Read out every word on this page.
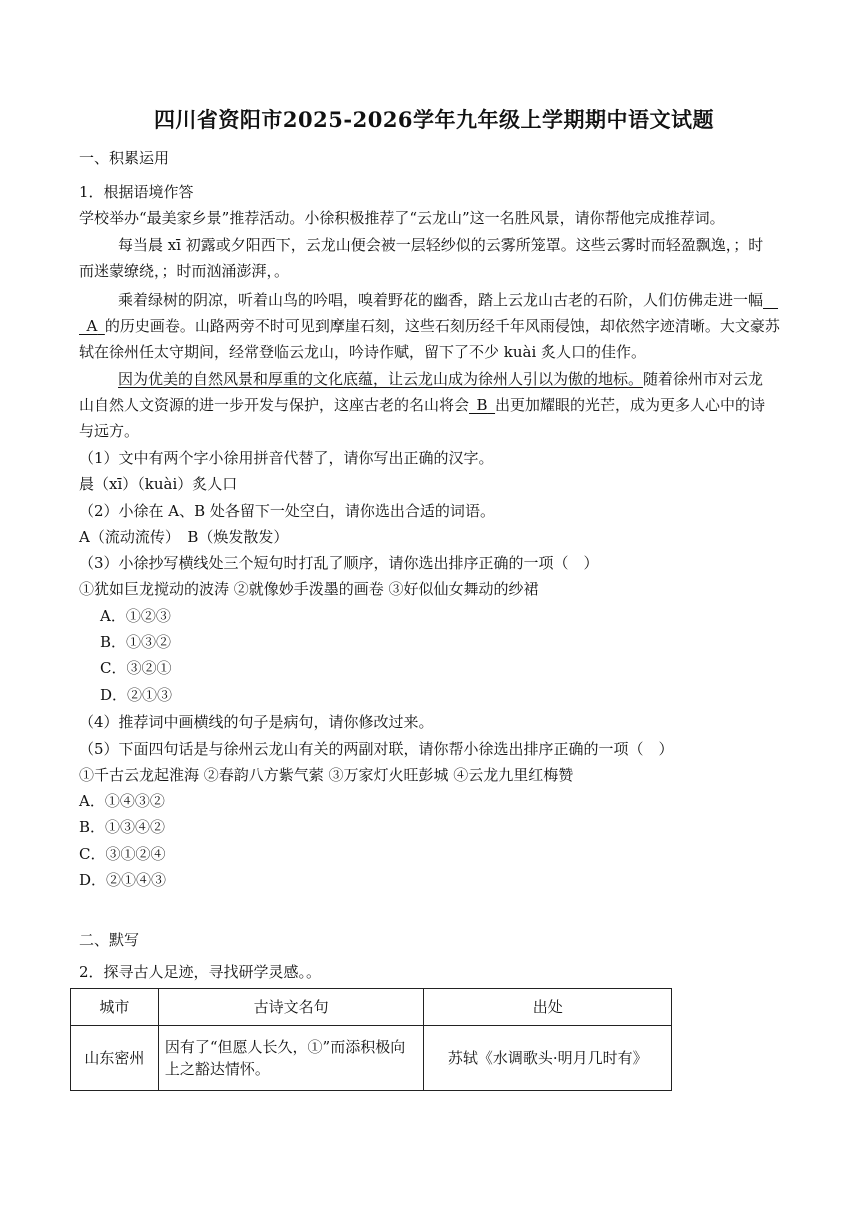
四川省资阳市2025-2026学年九年级上学期期中语文试题
一、积累运用
1．根据语境作答
学校举办“最美家乡景”推荐活动。小徐积极推荐了“云龙山”这一名胜风景，请你帮他完成推荐词。
每当晨 xī 初露或夕阳西下，云龙山便会被一层轻纱似的云雾所笼罩。这些云雾时而轻盈飘逸，；时
而迷蒙缭绕，；时而汹涌澎湃，。
乘着绿树的阴凉，听着山鸟的吟唱，嗅着野花的幽香，踏上云龙山古老的石阶，人们仿佛走进一幅 
 A  的历史画卷。山路两旁不时可见到摩崖石刻，这些石刻历经千年风雨侵蚀，却依然字迹清晰。大文豪苏
轼在徐州任太守期间，经常登临云龙山，吟诗作赋，留下了不少 kuài 炙人口的佳作。
因为优美的自然风景和厚重的文化底蕴，让云龙山成为徐州人引以为傲的地标。随着徐州市对云龙
山自然人文资源的进一步开发与保护，这座古老的名山将会  B  出更加耀眼的光芒，成为更多人心中的诗
与远方。
（1）文中有两个字小徐用拼音代替了，请你写出正确的汉字。
晨（xī）（kuài）炙人口
（2）小徐在 A、B 处各留下一处空白，请你选出合适的词语。
A（流动流传）　B（焕发散发）
（3）小徐抄写横线处三个短句时打乱了顺序，请你选出排序正确的一项（　）
①犹如巨龙搅动的波涛 ②就像妙手泼墨的画卷 ③好似仙女舞动的纱裙
A．①②③
B．①③②
C．③②①
D．②①③
（4）推荐词中画横线的句子是病句，请你修改过来。
（5）下面四句话是与徐州云龙山有关的两副对联，请你帮小徐选出排序正确的一项（　）
①千古云龙起淮海 ②春韵八方紫气萦 ③万家灯火旺彭城 ④云龙九里红梅赞
A．①④③②
B．①③④②
C．③①②④
D．②①④③
二、默写
2．探寻古人足迹，寻找研学灵感。。
城市	古诗文名句	出处
山东密州	因有了“但愿人长久，①”而添积极向上之豁达情怀。	苏轼《水调歌头·明月几时有》
